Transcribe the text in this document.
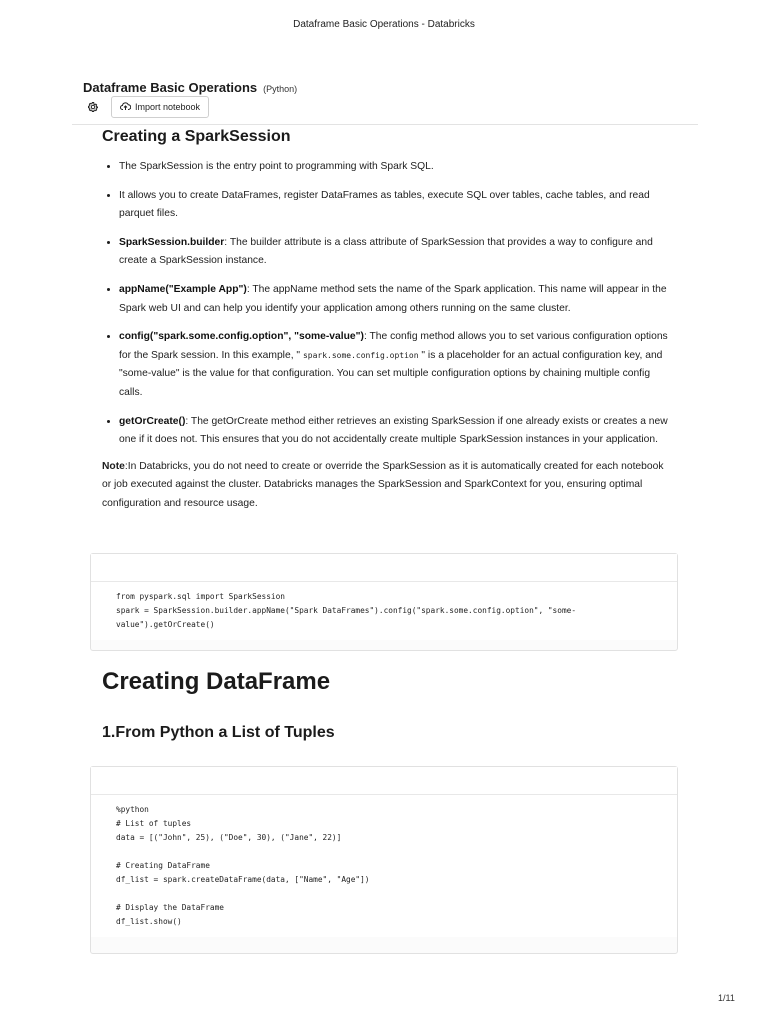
Dataframe Basic Operations - Databricks
Dataframe Basic Operations (Python)
Import notebook
Creating a SparkSession
• The SparkSession is the entry point to programming with Spark SQL.
• It allows you to create DataFrames, register DataFrames as tables, execute SQL over tables, cache tables, and read parquet files.
• SparkSession.builder: The builder attribute is a class attribute of SparkSession that provides a way to configure and create a SparkSession instance.
• appName("Example App"): The appName method sets the name of the Spark application. This name will appear in the Spark web UI and can help you identify your application among others running on the same cluster.
• config("spark.some.config.option", "some-value"): The config method allows you to set various configuration options for the Spark session. In this example, " spark.some.config.option " is a placeholder for an actual configuration key, and "some-value" is the value for that configuration. You can set multiple configuration options by chaining multiple config calls.
• getOrCreate(): The getOrCreate method either retrieves an existing SparkSession if one already exists or creates a new one if it does not. This ensures that you do not accidentally create multiple SparkSession instances in your application.

Note:In Databricks, you do not need to create or override the SparkSession as it is automatically created for each notebook or job executed against the cluster. Databricks manages the SparkSession and SparkContext for you, ensuring optimal configuration and resource usage.

from pyspark.sql import SparkSession
spark = SparkSession.builder.appName("Spark DataFrames").config("spark.some.config.option", "some-
value").getOrCreate()
Creating DataFrame
1.From Python a List of Tuples
%python
# List of tuples
data = [("John", 25), ("Doe", 30), ("Jane", 22)]

# Creating DataFrame
df_list = spark.createDataFrame(data, ["Name", "Age"])

# Display the DataFrame
df_list.show()
1/11
